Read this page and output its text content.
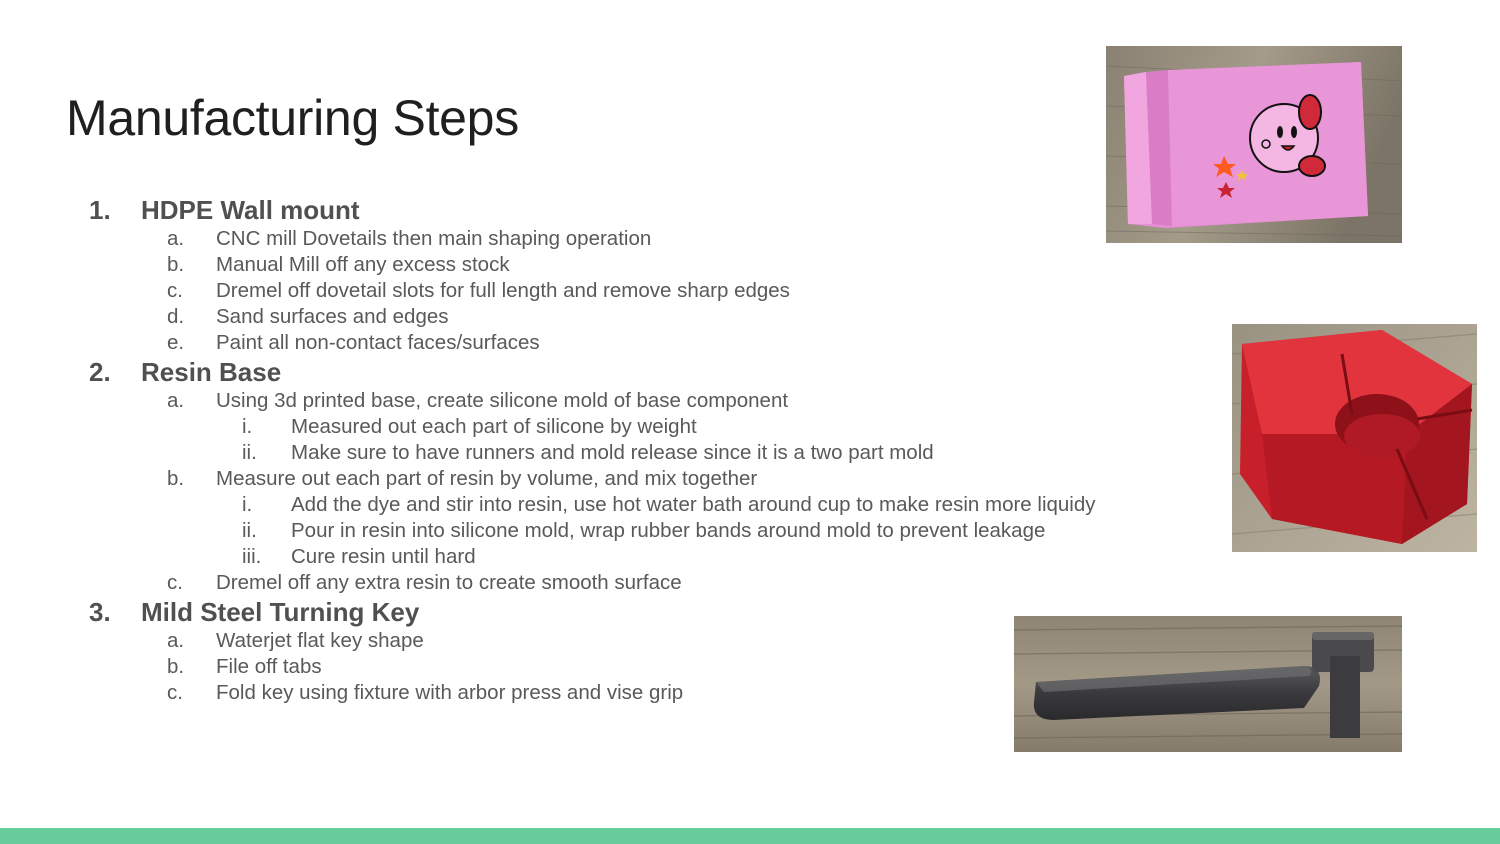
Manufacturing Steps
1. HDPE Wall mount
a. CNC mill Dovetails then main shaping operation
b. Manual Mill off any excess stock
c. Dremel off dovetail slots for full length and remove sharp edges
d. Sand surfaces and edges
e. Paint all non-contact faces/surfaces
2. Resin Base
a. Using 3d printed base, create silicone mold of base component
i. Measured out each part of silicone by weight
ii. Make sure to have runners and mold release since it is a two part mold
b. Measure out each part of resin by volume, and mix together
i. Add the dye and stir into resin, use hot water bath around cup to make resin more liquidy
ii. Pour in resin into silicone mold, wrap rubber bands around mold to prevent leakage
iii. Cure resin until hard
c. Dremel off any extra resin to create smooth surface
3. Mild Steel Turning Key
a. Waterjet flat key shape
b. File off tabs
c. Fold key using fixture with arbor press and vise grip
